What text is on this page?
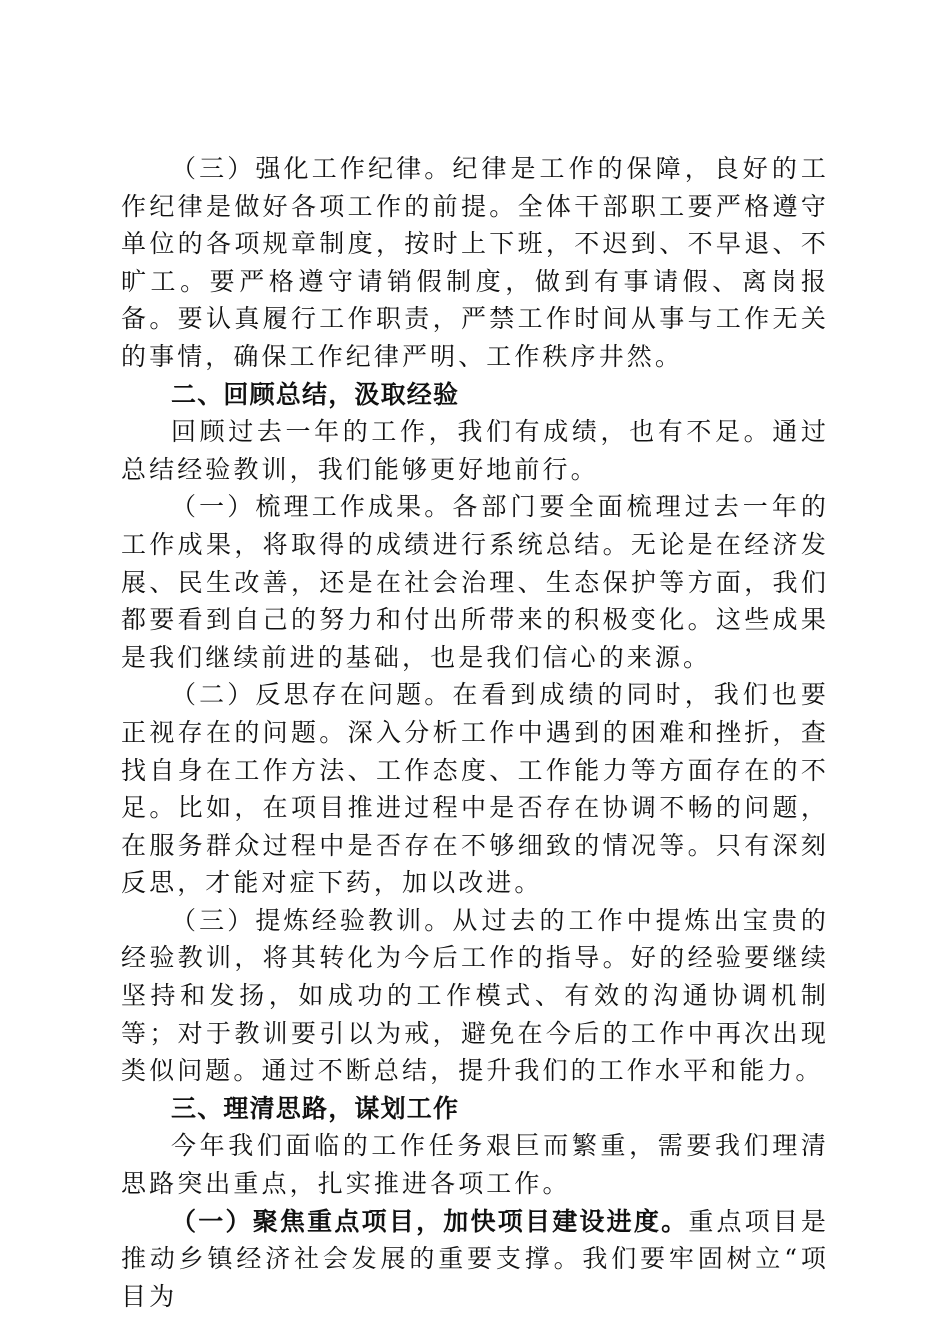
（三）强化工作纪律。纪律是工作的保障，良好的工作纪律是做好各项工作的前提。全体干部职工要严格遵守单位的各项规章制度，按时上下班，不迟到、不早退、不旷工。要严格遵守请销假制度，做到有事请假、离岗报备。要认真履行工作职责，严禁工作时间从事与工作无关的事情，确保工作纪律严明、工作秩序井然。

二、回顾总结，汲取经验

回顾过去一年的工作，我们有成绩，也有不足。通过总结经验教训，我们能够更好地前行。

（一）梳理工作成果。各部门要全面梳理过去一年的工作成果，将取得的成绩进行系统总结。无论是在经济发展、民生改善，还是在社会治理、生态保护等方面，我们都要看到自己的努力和付出所带来的积极变化。这些成果是我们继续前进的基础，也是我们信心的来源。

（二）反思存在问题。在看到成绩的同时，我们也要正视存在的问题。深入分析工作中遇到的困难和挫折，查找自身在工作方法、工作态度、工作能力等方面存在的不足。比如，在项目推进过程中是否存在协调不畅的问题，在服务群众过程中是否存在不够细致的情况等。只有深刻反思，才能对症下药，加以改进。

（三）提炼经验教训。从过去的工作中提炼出宝贵的经验教训，将其转化为今后工作的指导。好的经验要继续坚持和发扬，如成功的工作模式、有效的沟通协调机制等；对于教训要引以为戒，避免在今后的工作中再次出现类似问题。通过不断总结，提升我们的工作水平和能力。

三、理清思路，谋划工作

今年我们面临的工作任务艰巨而繁重，需要我们理清思路突出重点，扎实推进各项工作。

（一）聚焦重点项目，加快项目建设进度。重点项目是推动乡镇经济社会发展的重要支撑。我们要牢固树立“项目为
